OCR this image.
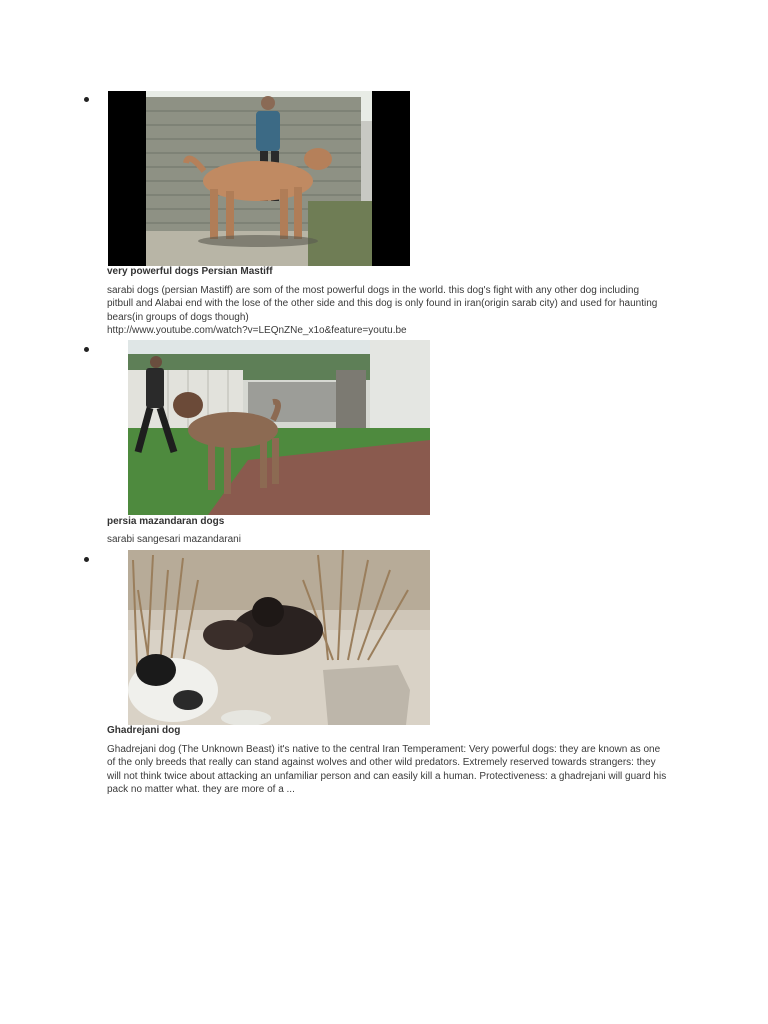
very powerful dogs Persian Mastiff
sarabi dogs (persian Mastiff) are som of the most powerful dogs in the world. this dog's fight with any other dog including pitbull and Alabai end with the lose of the other side and this dog is only found in iran(origin sarab city) and used for haunting bears(in groups of dogs though)
http://www.youtube.com/watch?v=LEQnZNe_x1o&feature=youtu.be
persia mazandaran dogs
sarabi sangesari mazandarani
Ghadrejani dog
Ghadrejani dog (The Unknown Beast) it's native to the central Iran Temperament: Very powerful dogs: they are known as one of the only breeds that really can stand against wolves and other wild predators. Extremely reserved towards strangers: they will not think twice about attacking an unfamiliar person and can easily kill a human. Protectiveness: a ghadrejani will guard his pack no matter what. they are more of a ...
